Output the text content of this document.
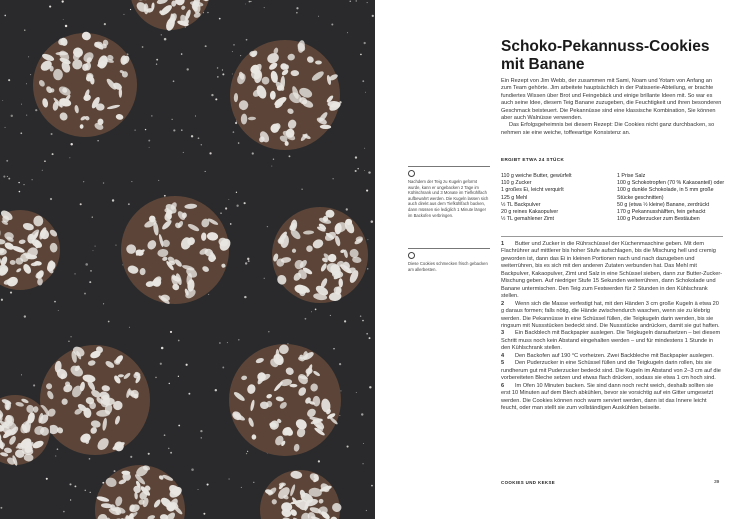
Schoko-Pekannuss-Cookies mit Banane

Ein Rezept von Jim Webb, der zusammen mit Sami, Noam und Yotam von Anfang an zum Team gehörte. Jim arbeitete hauptsächlich in der Patisserie-Abteilung, er brachte fundiertes Wissen über Brot und Feingebäck und einige brillante Ideen mit. So war es auch seine Idee, diesem Teig Banane zuzugeben, die Feuchtigkeit und ihren besonderen Geschmack beisteuert. Die Pekannüsse sind eine klassische Kombination, Sie können aber auch Walnüsse verwenden.

Das Erfolgsgeheimnis bei diesem Rezept: Die Cookies nicht ganz durchbacken, so nehmen sie eine weiche, toffeeartige Konsistenz an.

Nachdem der Teig zu Kugeln geformt wurde, kann er ungebacken 2 Tage im Kühlschrank und 3 Monate im Tiefkühlfach aufbewahrt werden. Die Kugeln lassen sich auch direkt aus dem Tiefkühlfach backen, dann müssen sie lediglich 1 Minute länger im Backofen verbringen.
Diese Cookies schmecken frisch gebacken am allerbesten.
ERGIBT ETWA 24 STÜCK
110 g weiche Butter, gewürfelt
110 g Zucker
1 großes Ei, leicht verquirlt
125 g Mehl
½ TL Backpulver
20 g reines Kakaopulver
½ TL gemahlener Zimt
1 Prise Salz
100 g Schokotropfen (70 % Kakaoanteil) oder 100 g dunkle Schokolade, in 5 mm große Stücke geschnitten)
50 g (etwa ½ kleine) Banane, zerdrückt
170 g Pekannusshälften, fein gehackt
100 g Puderzucker zum Bestäuben

1 Butter und Zucker in die Rührschüssel der Küchenmaschine geben. Mit dem Flachrührer auf mittlerer bis hoher Stufe aufschlagen, bis die Mischung hell und cremig geworden ist, dann das Ei in kleinen Portionen nach und nach dazugeben und weiterrühren, bis es sich mit den anderen Zutaten verbunden hat. Das Mehl mit Backpulver, Kakaopulver, Zimt und Salz in eine Schüssel sieben, dann zur Butter-Zucker-Mischung geben. Auf niedriger Stufe 15 Sekunden weiterrühren, dann Schokolade und Banane untermischen. Den Teig zum Festwerden für 2 Stunden in den Kühlschrank stellen.

2 Wenn sich die Masse verfestigt hat, mit den Händen 3 cm große Kugeln à etwa 20 g daraus formen; falls nötig, die Hände zwischendurch waschen, wenn sie zu klebrig werden. Die Pekannüsse in eine Schüssel füllen, die Teigkugeln darin wenden, bis sie ringsum mit Nussstücken bedeckt sind. Die Nussstücke andrücken, damit sie gut haften.

3 Ein Backblech mit Backpapier auslegen. Die Teigkugeln daraufsetzen – bei diesem Schritt muss noch kein Abstand eingehalten werden – und für mindestens 1 Stunde in den Kühlschrank stellen.

4 Den Backofen auf 190 °C vorheizen. Zwei Backbleche mit Backpapier auslegen.

5 Den Puderzucker in eine Schüssel füllen und die Teigkugeln darin rollen, bis sie rundherum gut mit Puderzucker bedeckt sind. Die Kugeln im Abstand von 2–3 cm auf die vorbereiteten Bleche setzen und etwas flach drücken, sodass sie etwa 1 cm hoch sind.

6 Im Ofen 10 Minuten backen. Sie sind dann noch recht weich, deshalb sollten sie erst 10 Minuten auf dem Blech abkühlen, bevor sie vorsichtig auf ein Gitter umgesetzt werden. Die Cookies können noch warm serviert werden, dann ist das Innere leicht feucht, oder man stellt sie zum vollständigen Auskühlen beiseite.

COOKIES UND KEKSE	39
